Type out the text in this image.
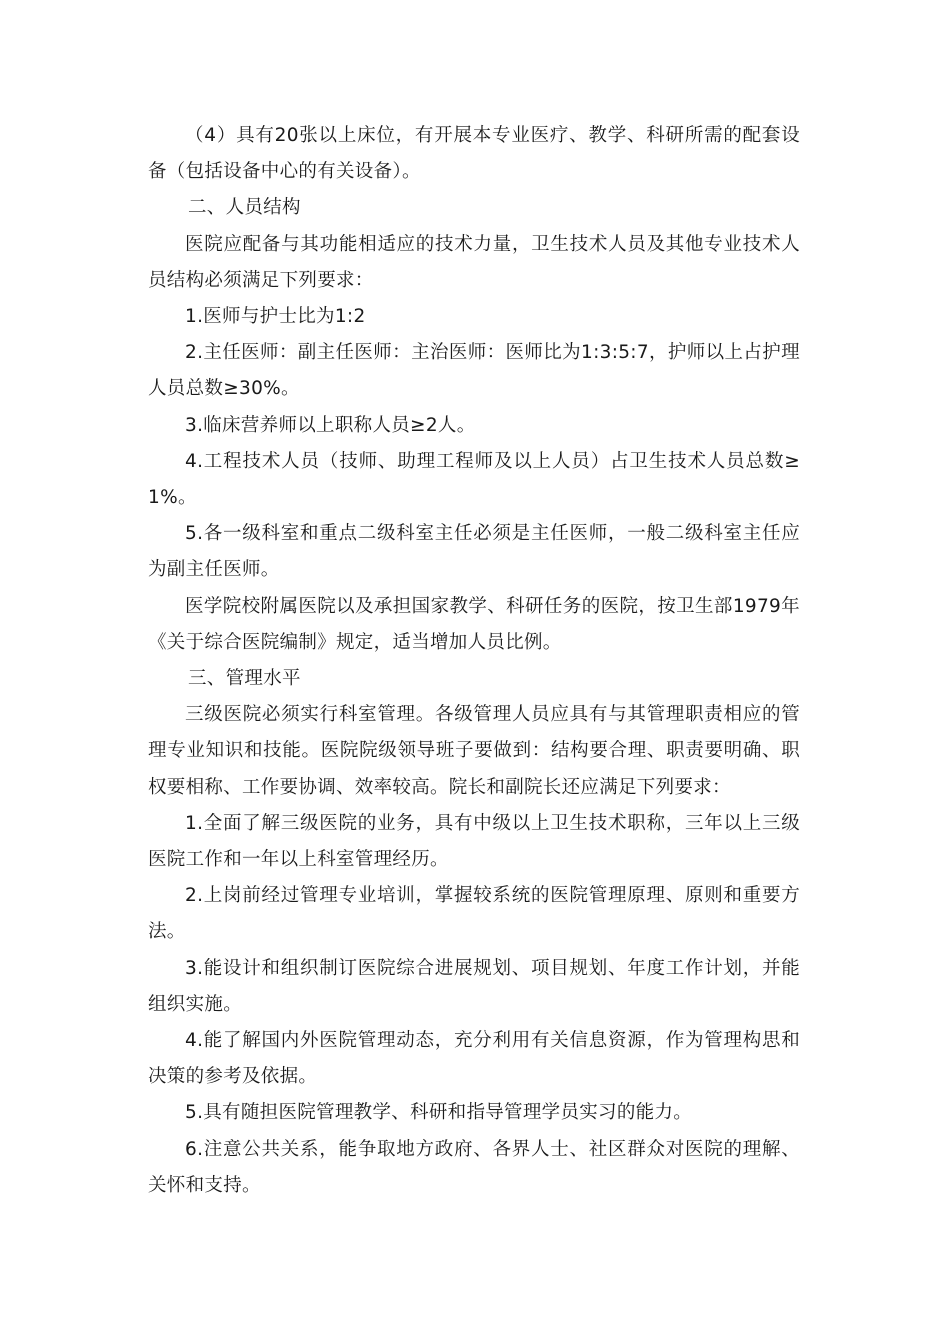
（4）具有20张以上床位，有开展本专业医疗、教学、科研所需的配套设备（包括设备中心的有关设备）。

二、人员结构

医院应配备与其功能相适应的技术力量，卫生技术人员及其他专业技术人员结构必须满足下列要求：

1.医师与护士比为1:2

2.主任医师：副主任医师：主治医师：医师比为1:3:5:7，护师以上占护理人员总数≥30%。

3.临床营养师以上职称人员≥2人。

4.工程技术人员（技师、助理工程师及以上人员）占卫生技术人员总数≥1%。

5.各一级科室和重点二级科室主任必须是主任医师，一般二级科室主任应为副主任医师。

医学院校附属医院以及承担国家教学、科研任务的医院，按卫生部1979年《关于综合医院编制》规定，适当增加人员比例。

三、管理水平

三级医院必须实行科室管理。各级管理人员应具有与其管理职责相应的管理专业知识和技能。医院院级领导班子要做到：结构要合理、职责要明确、职权要相称、工作要协调、效率较高。院长和副院长还应满足下列要求：

1.全面了解三级医院的业务，具有中级以上卫生技术职称，三年以上三级医院工作和一年以上科室管理经历。

2.上岗前经过管理专业培训，掌握较系统的医院管理原理、原则和重要方法。

3.能设计和组织制订医院综合进展规划、项目规划、年度工作计划，并能组织实施。

4.能了解国内外医院管理动态，充分利用有关信息资源，作为管理构思和决策的参考及依据。

5.具有随担医院管理教学、科研和指导管理学员实习的能力。

6.注意公共关系，能争取地方政府、各界人士、社区群众对医院的理解、关怀和支持。
